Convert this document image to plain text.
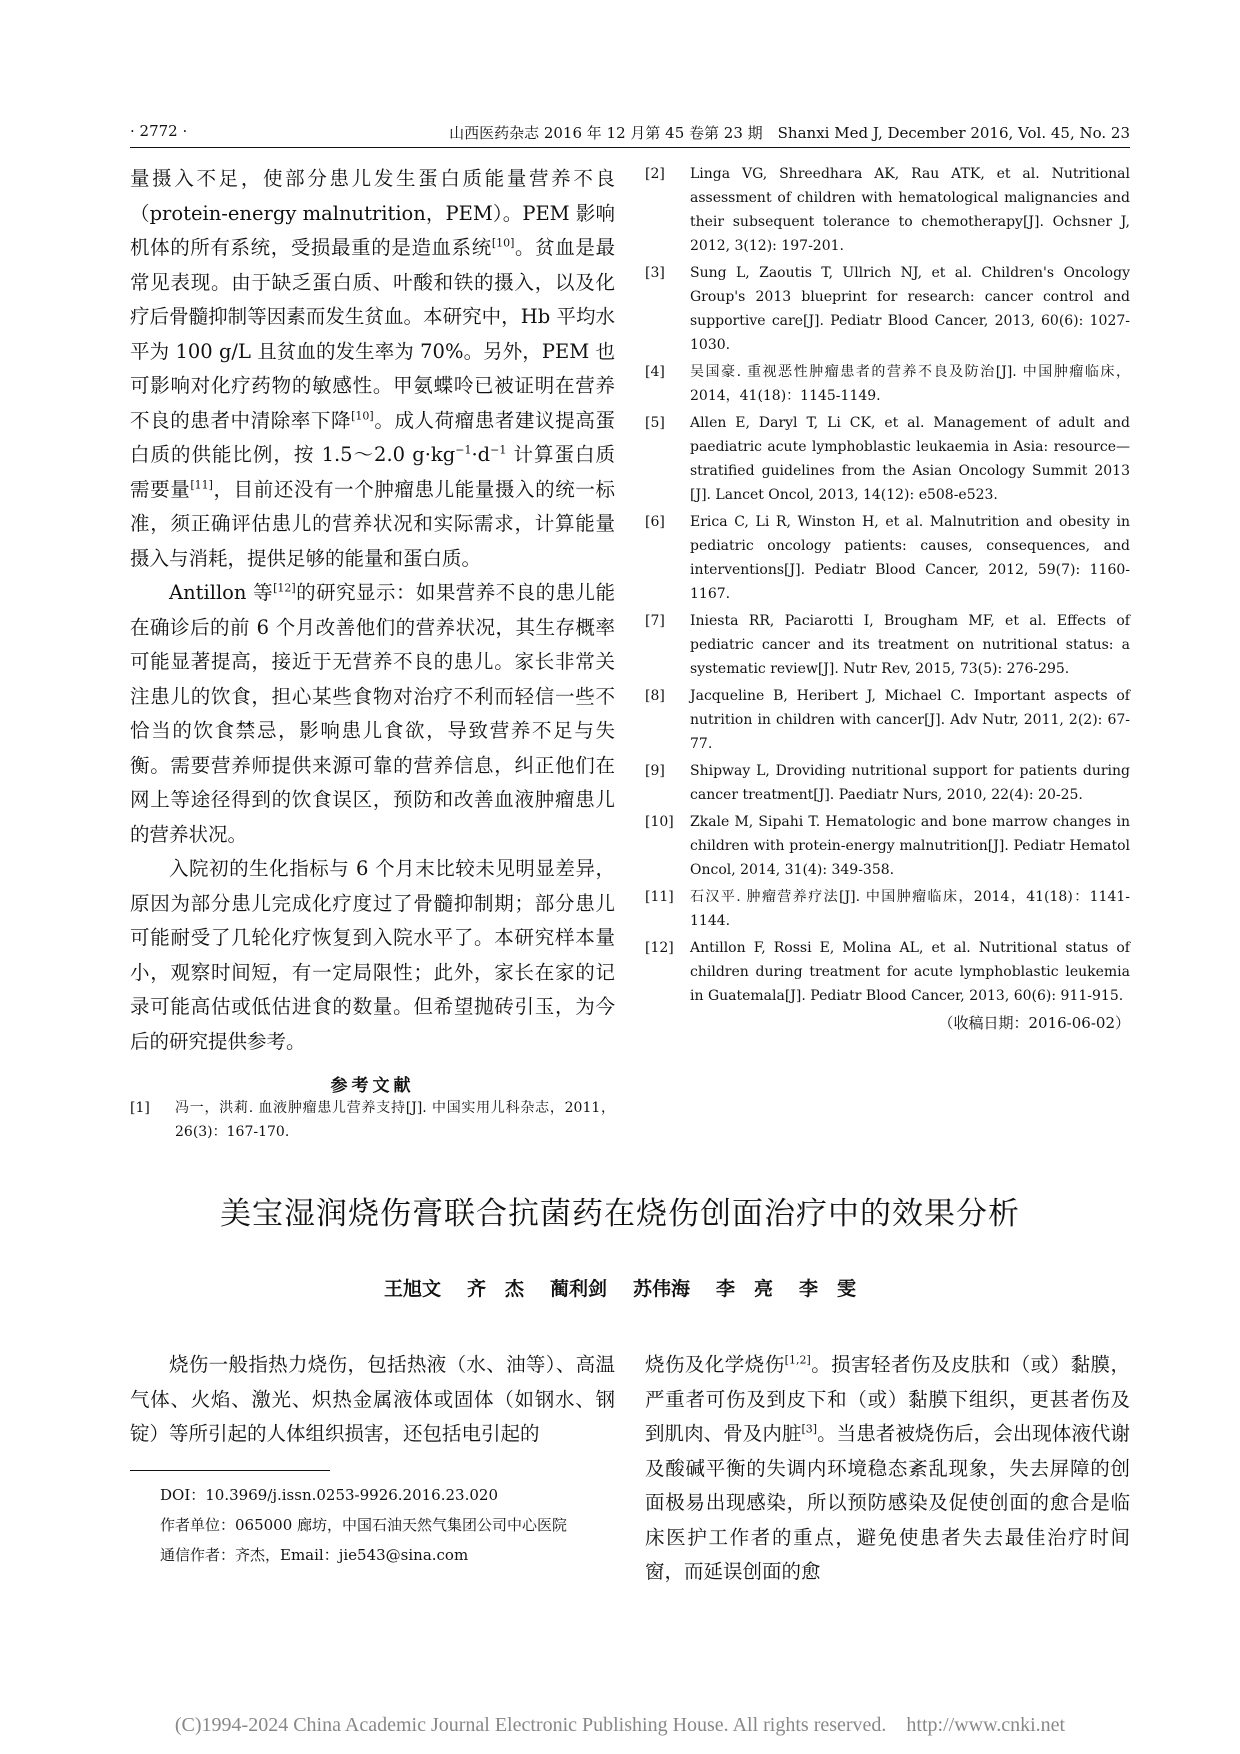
· 2772 ·	山西医药杂志 2016 年 12 月第 45 卷第 23 期　Shanxi Med J, December 2016, Vol. 45, No. 23

量摄入不足，使部分患儿发生蛋白质能量营养不良（protein-energy malnutrition，PEM）。PEM 影响机体的所有系统，受损最重的是造血系统[10]。贫血是最常见表现。由于缺乏蛋白质、叶酸和铁的摄入，以及化疗后骨髓抑制等因素而发生贫血。本研究中，Hb 平均水平为 100 g/L 且贫血的发生率为 70%。另外，PEM 也可影响对化疗药物的敏感性。甲氨蝶呤已被证明在营养不良的患者中清除率下降[10]。成人荷瘤患者建议提高蛋白质的供能比例，按 1.5～2.0 $g\cdot kg^{-1}\cdot d^{-1}$ 计算蛋白质需要量[11]，目前还没有一个肿瘤患儿能量摄入的统一标准，须正确评估患儿的营养状况和实际需求，计算能量摄入与消耗，提供足够的能量和蛋白质。

Antillon 等[12]的研究显示：如果营养不良的患儿能在确诊后的前 6 个月改善他们的营养状况，其生存概率可能显著提高，接近于无营养不良的患儿。家长非常关注患儿的饮食，担心某些食物对治疗不利而轻信一些不恰当的饮食禁忌，影响患儿食欲，导致营养不足与失衡。需要营养师提供来源可靠的营养信息，纠正他们在网上等途径得到的饮食误区，预防和改善血液肿瘤患儿的营养状况。

入院初的生化指标与 6 个月末比较未见明显差异，原因为部分患儿完成化疗度过了骨髓抑制期；部分患儿可能耐受了几轮化疗恢复到入院水平了。本研究样本量小，观察时间短，有一定局限性；此外，家长在家的记录可能高估或低估进食的数量。但希望抛砖引玉，为今后的研究提供参考。

参考文献

[1]	冯一，洪莉. 血液肿瘤患儿营养支持[J]. 中国实用儿科杂志，2011，26(3)：167-170.

[2]	Linga VG, Shreedhara AK, Rau ATK, et al. Nutritional assessment of children with hematological malignancies and their subsequent tolerance to chemotherapy[J]. Ochsner J, 2012, 3(12): 197-201.

[3]	Sung L, Zaoutis T, Ullrich NJ, et al. Children's Oncology Group's 2013 blueprint for research: cancer control and supportive care[J]. Pediatr Blood Cancer, 2013, 60(6): 1027-1030.

[4]	吴国豪. 重视恶性肿瘤患者的营养不良及防治[J]. 中国肿瘤临床，2014，41(18)：1145-1149.

[5]	Allen E, Daryl T, Li CK, et al. Management of adult and paediatric acute lymphoblastic leukaemia in Asia: resource—stratified guidelines from the Asian Oncology Summit 2013 [J]. Lancet Oncol, 2013, 14(12): e508-e523.

[6]	Erica C, Li R, Winston H, et al. Malnutrition and obesity in pediatric oncology patients: causes, consequences, and interventions[J]. Pediatr Blood Cancer, 2012, 59(7): 1160-1167.

[7]	Iniesta RR, Paciarotti I, Brougham MF, et al. Effects of pediatric cancer and its treatment on nutritional status: a systematic review[J]. Nutr Rev, 2015, 73(5): 276-295.

[8]	Jacqueline B, Heribert J, Michael C. Important aspects of nutrition in children with cancer[J]. Adv Nutr, 2011, 2(2): 67-77.

[9]	Shipway L, Droviding nutritional support for patients during cancer treatment[J]. Paediatr Nurs, 2010, 22(4): 20-25.

[10]	Zkale M, Sipahi T. Hematologic and bone marrow changes in children with protein-energy malnutrition[J]. Pediatr Hematol Oncol, 2014, 31(4): 349-358.

[11]	石汉平. 肿瘤营养疗法[J]. 中国肿瘤临床，2014，41(18)：1141-1144.

[12]	Antillon F, Rossi E, Molina AL, et al. Nutritional status of children during treatment for acute lymphoblastic leukemia in Guatemala[J]. Pediatr Blood Cancer, 2013, 60(6): 911-915.

（收稿日期：2016-06-02）
美宝湿润烧伤膏联合抗菌药在烧伤创面治疗中的效果分析
王旭文 齐　杰 蔺利剑 苏伟海 李　亮 李　雯

烧伤一般指热力烧伤，包括热液（水、油等）、高温气体、火焰、激光、炽热金属液体或固体（如钢水、钢锭）等所引起的人体组织损害，还包括电引起的

烧伤及化学烧伤[1,2]。损害轻者伤及皮肤和（或）黏膜，严重者可伤及到皮下和（或）黏膜下组织，更甚者伤及到肌肉、骨及内脏[3]。当患者被烧伤后，会出现体液代谢及酸碱平衡的失调内环境稳态紊乱现象，失去屏障的创面极易出现感染，所以预防感染及促使创面的愈合是临床医护工作者的重点，避免使患者失去最佳治疗时间窗，而延误创面的愈

DOI：10.3969/j.issn.0253-9926.2016.23.020

作者单位：065000 廊坊，中国石油天然气集团公司中心医院

通信作者：齐杰，Email：jie543@sina.com

(C)1994-2024 China Academic Journal Electronic Publishing House. All rights reserved.　http://www.cnki.net
